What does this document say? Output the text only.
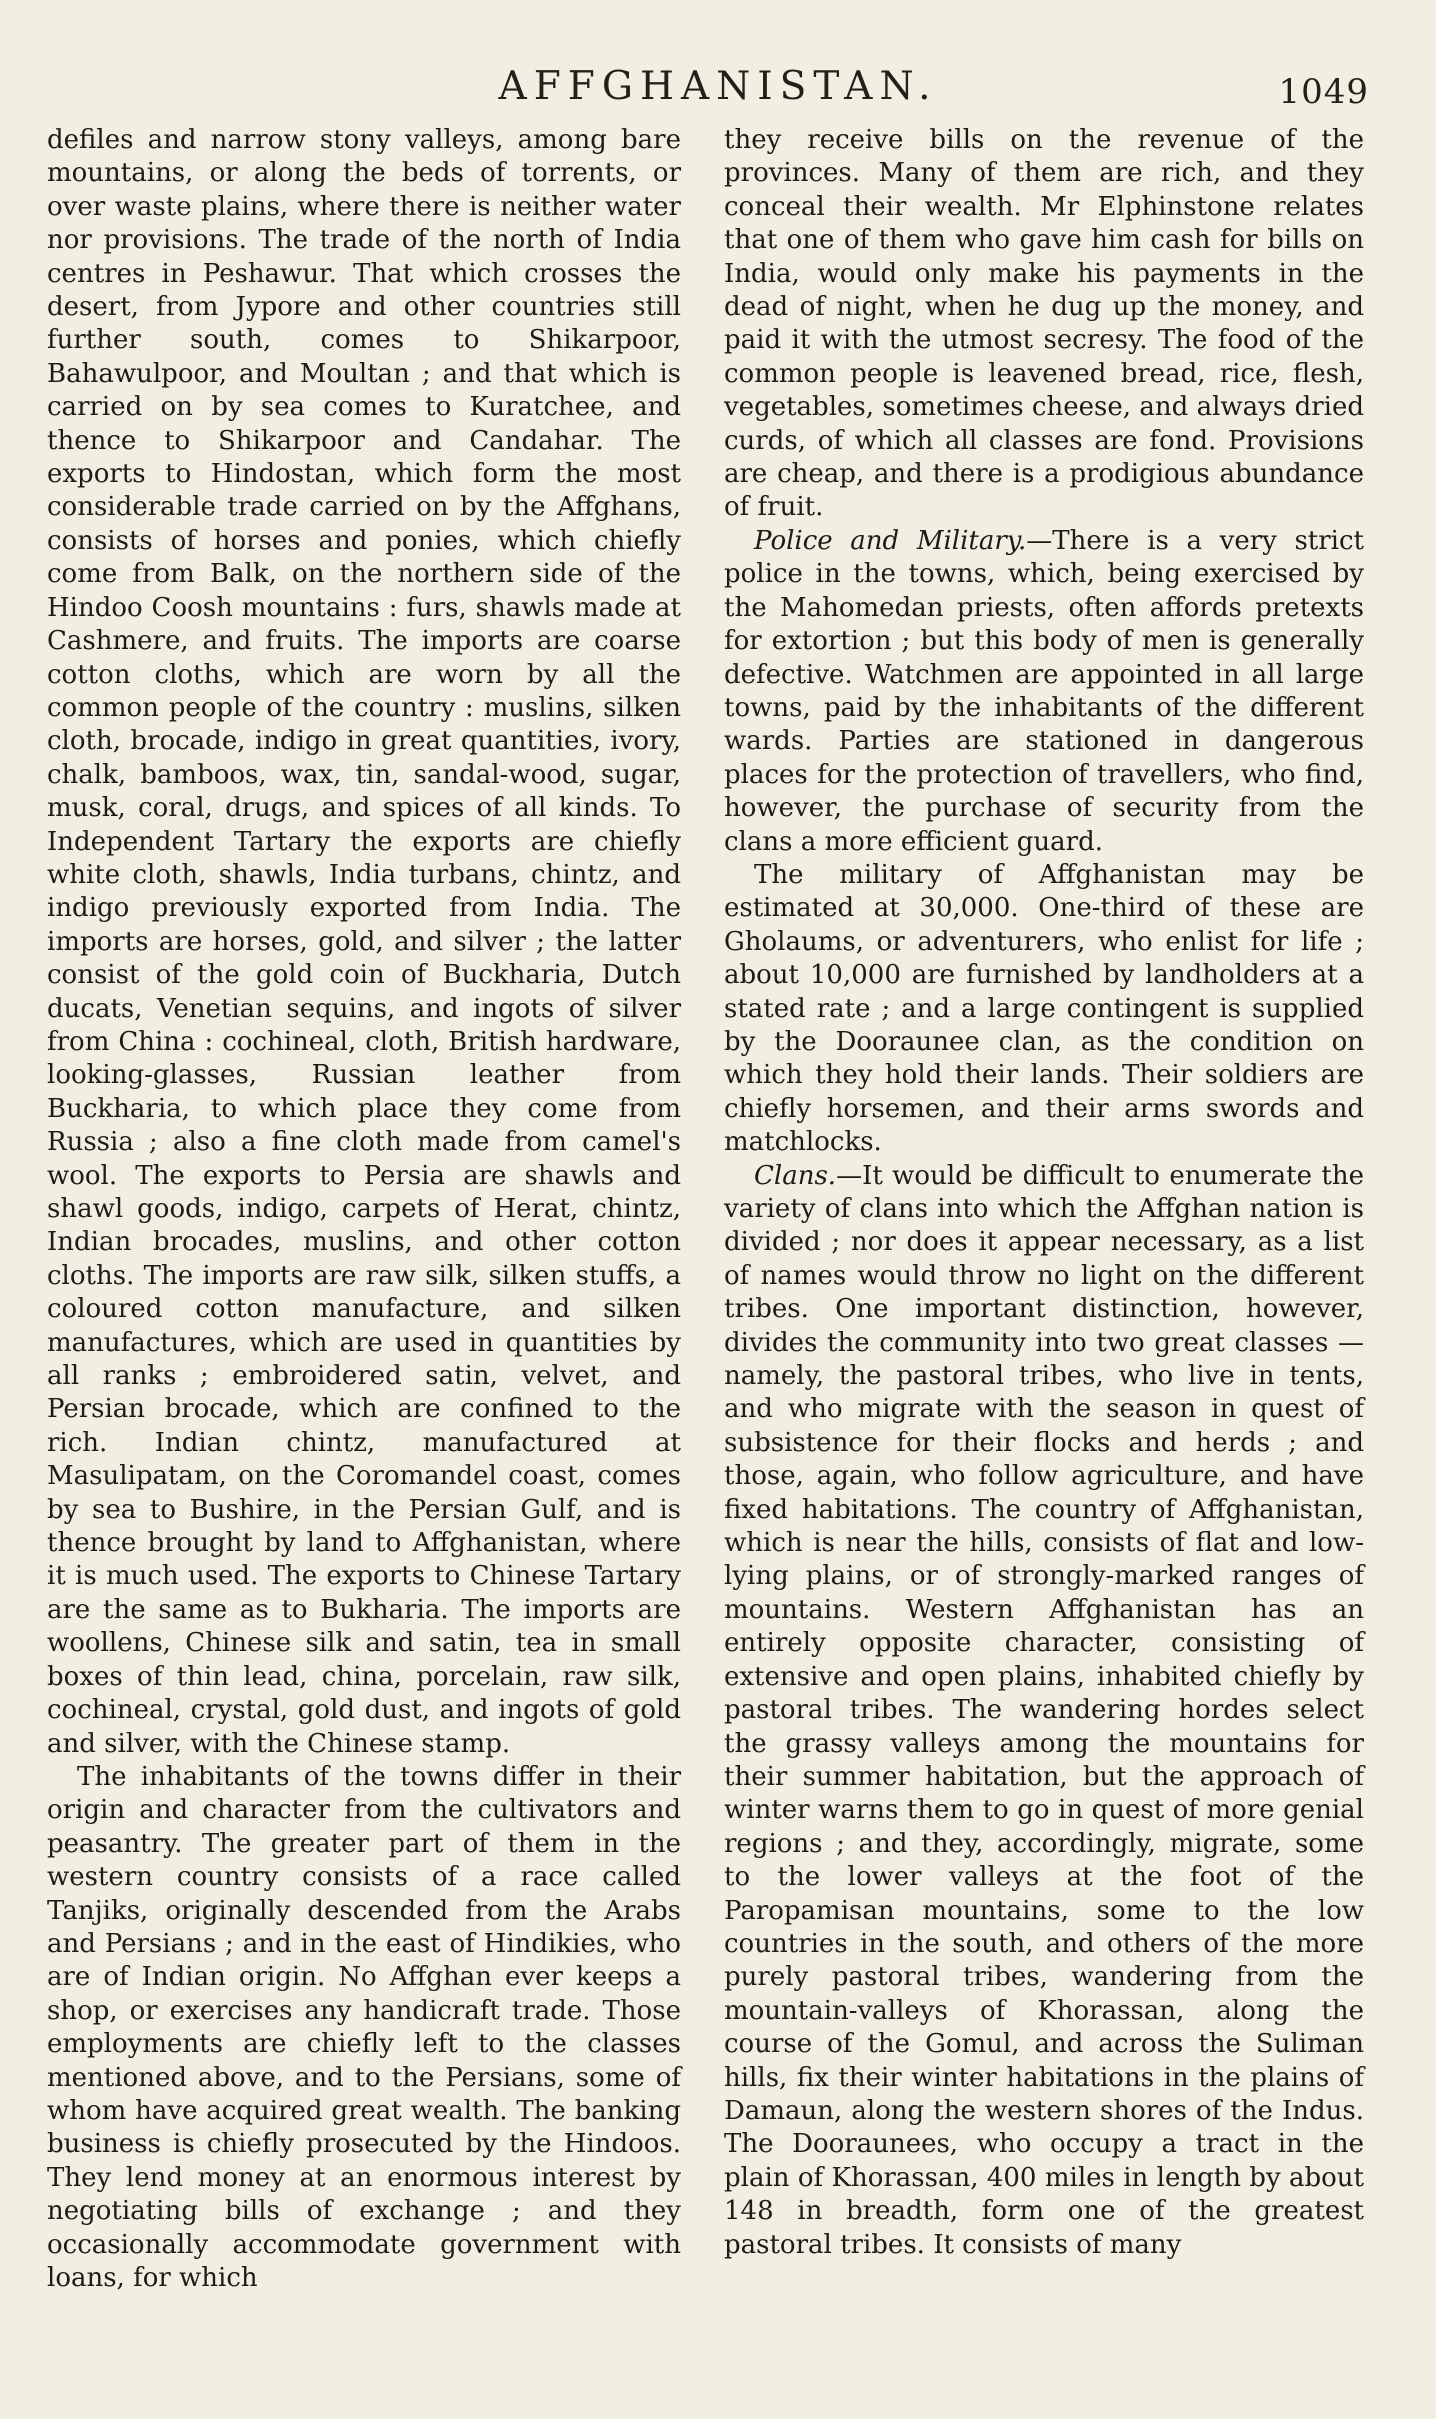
AFFGHANISTAN.	1049

defiles and narrow stony valleys, among bare mountains, or along the beds of torrents, or over waste plains, where there is neither water nor provisions. The trade of the north of India centres in Peshawur. That which crosses the desert, from Jypore and other countries still further south, comes to Shikarpoor, Bahawulpoor, and Moultan ; and that which is carried on by sea comes to Kuratchee, and thence to Shikarpoor and Candahar. The exports to Hindostan, which form the most considerable trade carried on by the Affghans, consists of horses and ponies, which chiefly come from Balk, on the northern side of the Hindoo Coosh mountains : furs, shawls made at Cashmere, and fruits. The imports are coarse cotton cloths, which are worn by all the common people of the country : muslins, silken cloth, brocade, indigo in great quantities, ivory, chalk, bamboos, wax, tin, sandal-wood, sugar, musk, coral, drugs, and spices of all kinds. To Independent Tartary the exports are chiefly white cloth, shawls, India turbans, chintz, and indigo previously exported from India. The imports are horses, gold, and silver ; the latter consist of the gold coin of Buckharia, Dutch ducats, Venetian sequins, and ingots of silver from China : cochineal, cloth, British hardware, looking-glasses, Russian leather from Buckharia, to which place they come from Russia ; also a fine cloth made from camel's wool. The exports to Persia are shawls and shawl goods, indigo, carpets of Herat, chintz, Indian brocades, muslins, and other cotton cloths. The imports are raw silk, silken stuffs, a coloured cotton manufacture, and silken manufactures, which are used in quantities by all ranks ; embroidered satin, velvet, and Persian brocade, which are confined to the rich. Indian chintz, manufactured at Masulipatam, on the Coromandel coast, comes by sea to Bushire, in the Persian Gulf, and is thence brought by land to Affghanistan, where it is much used. The exports to Chinese Tartary are the same as to Bukharia. The imports are woollens, Chinese silk and satin, tea in small boxes of thin lead, china, porcelain, raw silk, cochineal, crystal, gold dust, and ingots of gold and silver, with the Chinese stamp.

The inhabitants of the towns differ in their origin and character from the cultivators and peasantry. The greater part of them in the western country consists of a race called Tanjiks, originally descended from the Arabs and Persians ; and in the east of Hindikies, who are of Indian origin. No Affghan ever keeps a shop, or exercises any handicraft trade. Those employments are chiefly left to the classes mentioned above, and to the Persians, some of whom have acquired great wealth. The banking business is chiefly prosecuted by the Hindoos. They lend money at an enormous interest by negotiating bills of exchange ; and they occasionally accommodate government with loans, for which

they receive bills on the revenue of the provinces. Many of them are rich, and they conceal their wealth. Mr Elphinstone relates that one of them who gave him cash for bills on India, would only make his payments in the dead of night, when he dug up the money, and paid it with the utmost secresy. The food of the common people is leavened bread, rice, flesh, vegetables, sometimes cheese, and always dried curds, of which all classes are fond. Provisions are cheap, and there is a prodigious abundance of fruit.

Police and Military.—There is a very strict police in the towns, which, being exercised by the Mahomedan priests, often affords pretexts for extortion ; but this body of men is generally defective. Watchmen are appointed in all large towns, paid by the inhabitants of the different wards. Parties are stationed in dangerous places for the protection of travellers, who find, however, the purchase of security from the clans a more efficient guard.

The military of Affghanistan may be estimated at 30,000. One-third of these are Gholaums, or adventurers, who enlist for life ; about 10,000 are furnished by landholders at a stated rate ; and a large contingent is supplied by the Dooraunee clan, as the condition on which they hold their lands. Their soldiers are chiefly horsemen, and their arms swords and matchlocks.

Clans.—It would be difficult to enumerate the variety of clans into which the Affghan nation is divided ; nor does it appear necessary, as a list of names would throw no light on the different tribes. One important distinction, however, divides the community into two great classes — namely, the pastoral tribes, who live in tents, and who migrate with the season in quest of subsistence for their flocks and herds ; and those, again, who follow agriculture, and have fixed habitations. The country of Affghanistan, which is near the hills, consists of flat and low-lying plains, or of strongly-marked ranges of mountains. Western Affghanistan has an entirely opposite character, consisting of extensive and open plains, inhabited chiefly by pastoral tribes. The wandering hordes select the grassy valleys among the mountains for their summer habitation, but the approach of winter warns them to go in quest of more genial regions ; and they, accordingly, migrate, some to the lower valleys at the foot of the Paropamisan mountains, some to the low countries in the south, and others of the more purely pastoral tribes, wandering from the mountain-valleys of Khorassan, along the course of the Gomul, and across the Suliman hills, fix their winter habitations in the plains of Damaun, along the western shores of the Indus. The Dooraunees, who occupy a tract in the plain of Khorassan, 400 miles in length by about 148 in breadth, form one of the greatest pastoral tribes. It consists of many
